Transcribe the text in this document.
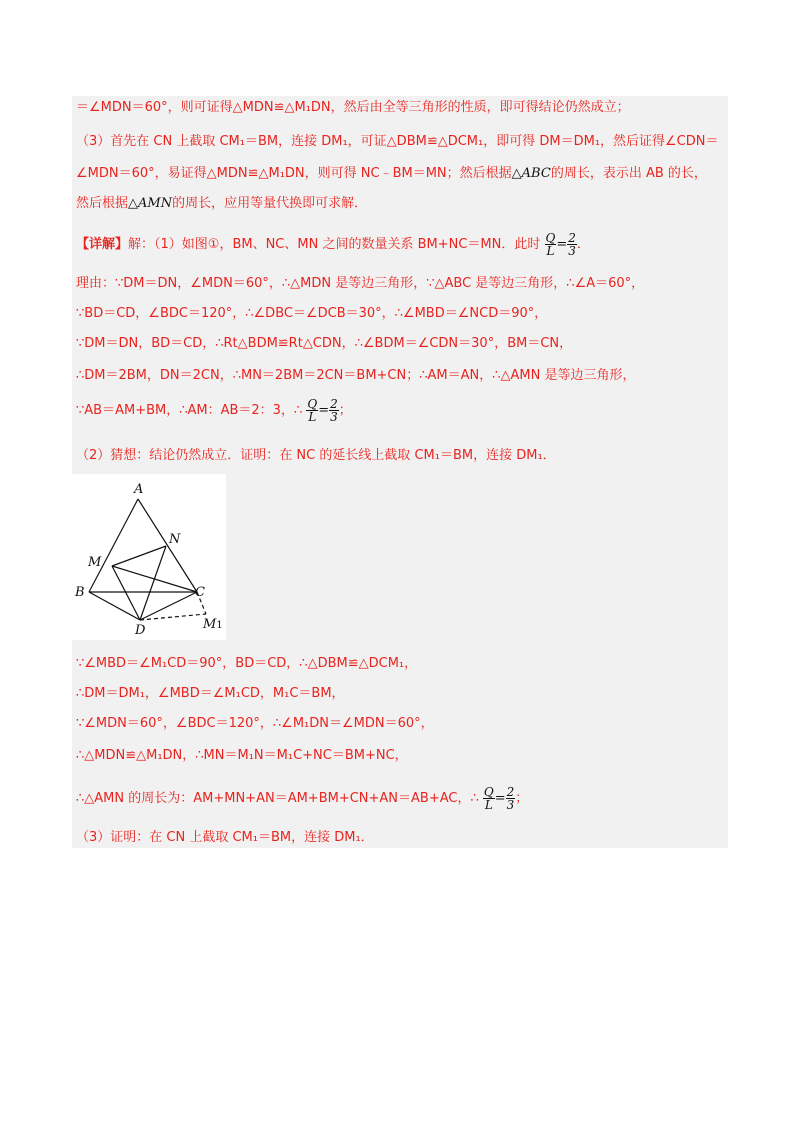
＝∠MDN＝60°，则可证得△MDN≌△M₁DN，然后由全等三角形的性质，即可得结论仍然成立；
（3）首先在 CN 上截取 CM₁＝BM，连接 DM₁，可证△DBM≌△DCM₁，即可得 DM＝DM₁，然后证得∠CDN＝
∠MDN＝60°，易证得△MDN≌△M₁DN，则可得 NC﹣BM＝MN；然后根据△ABC的周长，表示出 AB 的长，
然后根据△AMN的周长，应用等量代换即可求解．
【详解】解：（1）如图①，BM、NC、MN 之间的数量关系 BM+NC＝MN．此时 $\frac{Q}{L} = \frac{2}{3}$ ．
理由：∵DM＝DN，∠MDN＝60°，∴△MDN 是等边三角形，∵△ABC 是等边三角形，∴∠A＝60°，
∵BD＝CD，∠BDC＝120°，∴∠DBC＝∠DCB＝30°，∴∠MBD＝∠NCD＝90°，
∵DM＝DN，BD＝CD，∴Rt△BDM≌Rt△CDN，∴∠BDM＝∠CDN＝30°，BM＝CN，
∴DM＝2BM，DN＝2CN，∴MN＝2BM＝2CN＝BM+CN；∴AM＝AN，∴△AMN 是等边三角形，
∵AB＝AM+BM，∴AM：AB＝2：3，∴ $\frac{Q}{L} = \frac{2}{3}$ ；
（2）猜想：结论仍然成立．证明：在 NC 的延长线上截取 CM₁＝BM，连接 DM₁．
A
N
M
B	C
D	M1
∵∠MBD＝∠M₁CD＝90°，BD＝CD，∴△DBM≌△DCM₁，
∴DM＝DM₁，∠MBD＝∠M₁CD，M₁C＝BM，
∵∠MDN＝60°，∠BDC＝120°，∴∠M₁DN＝∠MDN＝60°，
∴△MDN≌△M₁DN，∴MN＝M₁N＝M₁C+NC＝BM+NC，
∴△AMN 的周长为：AM+MN+AN＝AM+BM+CN+AN＝AB+AC，∴ $\frac{Q}{L} = \frac{2}{3}$ ；
（3）证明：在 CN 上截取 CM₁＝BM，连接 DM₁．
